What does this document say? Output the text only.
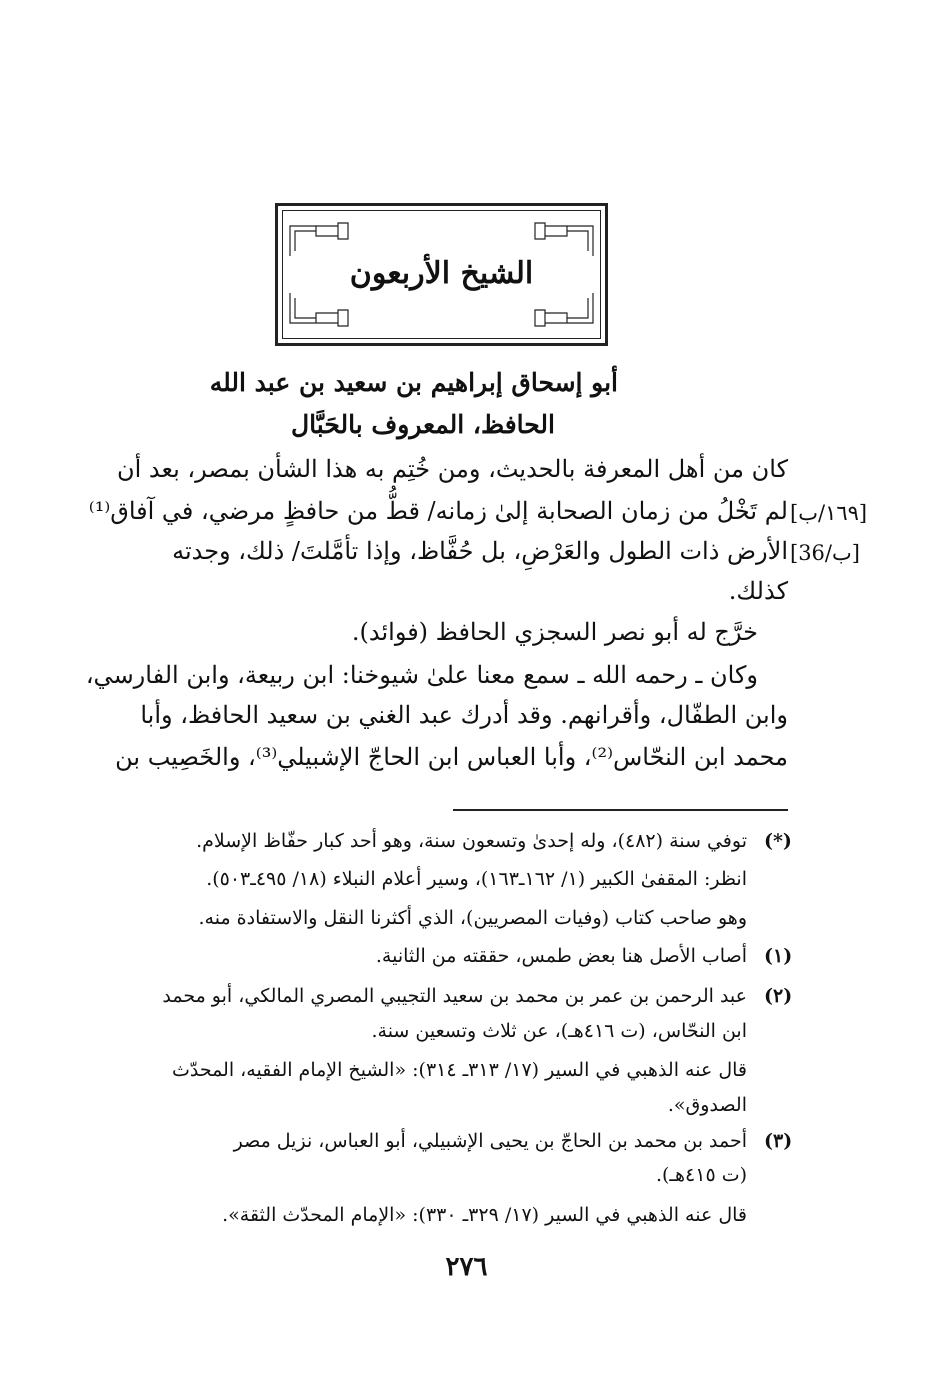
الشيخ الأربعون
أبو إسحاق إبراهيم بن سعيد بن عبد الله
الحافظ، المعروف بالحَبَّال
كان من أهل المعرفة بالحديث، ومن خُتِم به هذا الشأن بمصر، بعد أن
لم تَخْلُ من زمان الصحابة إلىٰ زمانه/ قطُّ من حافظٍ مرضي، في آفاق⁽¹⁾
الأرض ذات الطول والعَرْضِ، بل حُفَّاظ، وإذا تأمَّلتَ/ ذلك، وجدته
كذلك.
خرَّج له أبو نصر السجزي الحافظ (فوائد).
وكان ـ رحمه الله ـ سمع معنا علىٰ شيوخنا: ابن ربيعة، وابن الفارسي،
وابن الطفّال، وأقرانهم. وقد أدرك عبد الغني بن سعيد الحافظ، وأبا
محمد ابن النحّاس⁽²⁾، وأبا العباس ابن الحاجّ الإشبيلي⁽³⁾، والخَصِيب بن
[١٦٩/ب]
[36/ب]
(*)
توفي سنة (٤٨٢)، وله إحدىٰ وتسعون سنة، وهو أحد كبار حفّاظ الإسلام.
انظر: المقفىٰ الكبير (١/ ١٦٢ـ١٦٣)، وسير أعلام النبلاء (١٨/ ٤٩٥ـ٥٠٣).
وهو صاحب كتاب (وفيات المصريين)، الذي أكثرنا النقل والاستفادة منه.
(١)
أصاب الأصل هنا بعض طمس، حققته من الثانية.
(٢)
عبد الرحمن بن عمر بن محمد بن سعيد التجيبي المصري المالكي، أبو محمد
ابن النحّاس، (ت ٤١٦هـ)، عن ثلاث وتسعين سنة.
قال عنه الذهبي في السير (١٧/ ٣١٣ـ ٣١٤): «الشيخ الإمام الفقيه، المحدّث
الصدوق».
(٣)
أحمد بن محمد بن الحاجّ بن يحيى الإشبيلي، أبو العباس، نزيل مصر
(ت ٤١٥هـ).
قال عنه الذهبي في السير (١٧/ ٣٢٩ـ ٣٣٠): «الإمام المحدّث الثقة».
٢٧٦
